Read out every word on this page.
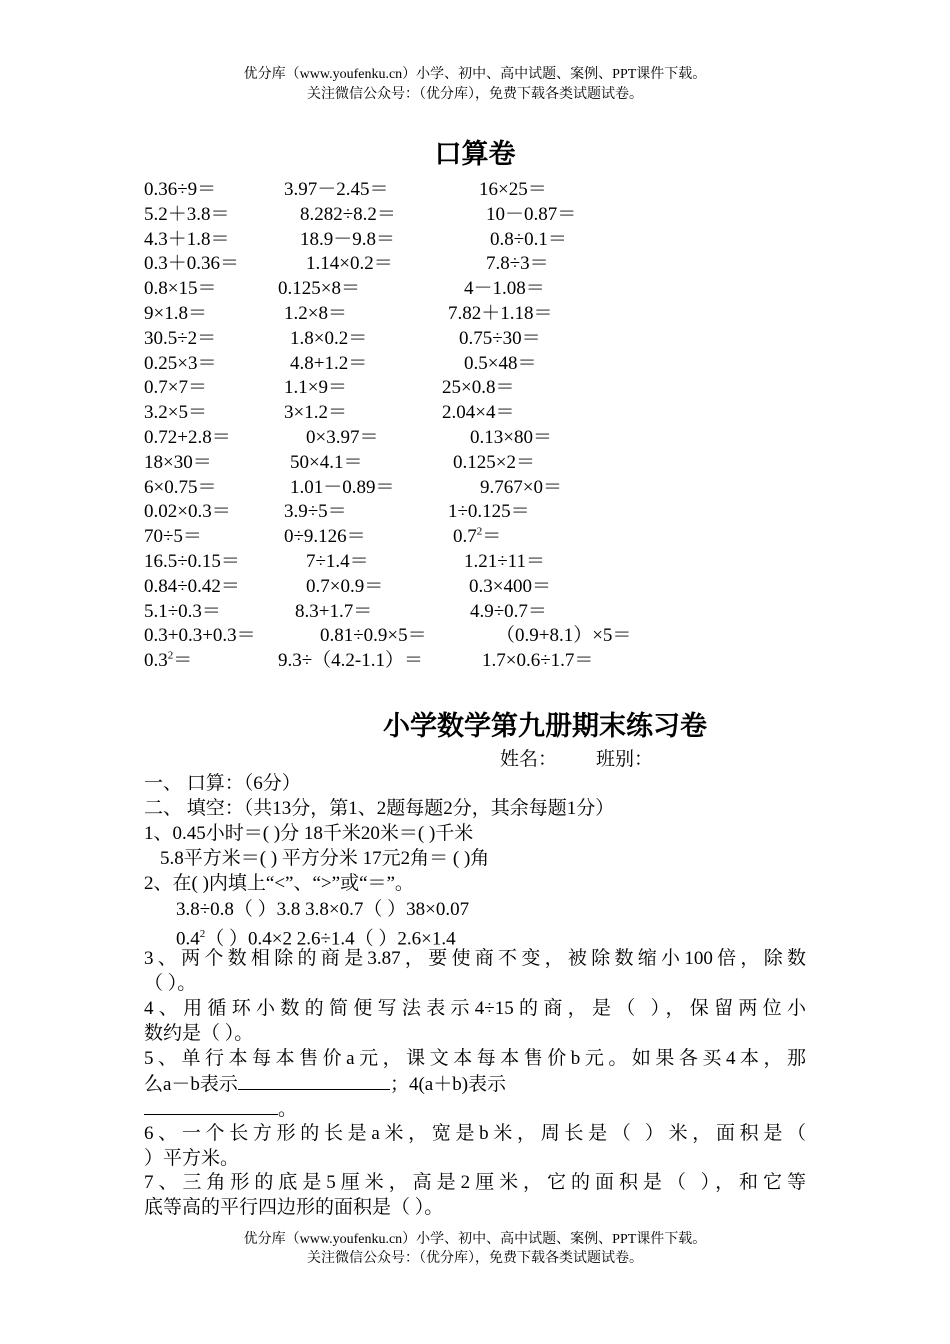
优分库（www.youfenku.cn）小学、初中、高中试题、案例、PPT课件下载。
关注微信公众号：（优分库），免费下载各类试题试卷。
口算卷
0.36÷9＝	3.97－2.45＝	16×25＝
5.2＋3.8＝	8.282÷8.2＝	10－0.87＝
4.3＋1.8＝	18.9－9.8＝	0.8÷0.1＝
0.3＋0.36＝	1.14×0.2＝	7.8÷3＝
0.8×15＝	0.125×8＝	4－1.08＝
9×1.8＝	1.2×8＝	7.82＋1.18＝
30.5÷2＝	1.8×0.2＝	0.75÷30＝
0.25×3＝	4.8+1.2＝	0.5×48＝
0.7×7＝	1.1×9＝	25×0.8＝
3.2×5＝	3×1.2＝	2.04×4＝
0.72+2.8＝	0×3.97＝	0.13×80＝
18×30＝	50×4.1＝	0.125×2＝
6×0.75＝	1.01－0.89＝	9.767×0＝
0.02×0.3＝	3.9÷5＝	1÷0.125＝
70÷5＝	0÷9.126＝	$0.7^2=$
16.5÷0.15＝	7÷1.4＝	1.21÷11＝
0.84÷0.42＝	0.7×0.9＝	0.3×400＝
5.1÷0.3＝	8.3+1.7＝	4.9÷0.7＝
0.3+0.3+0.3＝	0.81÷0.9×5＝	（0.9+8.1）×5＝
$0.3^2=$	9.3÷（4.2-1.1）＝	1.7×0.6÷1.7＝
小学数学第九册期末练习卷
姓名： 班别：
一、 口算：（6分）
二、 填空：（共13分，第1、2题每题2分，其余每题1分）
1、0.45小时＝( )分 18千米20米＝( )千米
5.8平方米＝( ) 平方分米 17元2角＝ ( )角
2、在( )内填上“<”、“>”或“＝”。
3.8÷0.8（ ）3.8 3.8×0.7（ ）38×0.07
$0.4^2$（ ）0.4×2 2.6÷1.4（ ）2.6×1.4
3、两个数相除的商是3.87，要使商不变，被除数缩小100倍，除数
（ ）。
4、用循环小数的简便写法表示4÷15的商，是（ ），保留两位小
数约是（ ）。
5、单行本每本售价a元，课文本每本售价b元。如果各买4本，那
么a－b表示	；4(a＋b)表示
。
6、一个长方形的长是a米，宽是b米，周长是（ ）米，面积是（
）平方米。
7、三角形的底是5厘米，高是2厘米，它的面积是（ ），和它等
底等高的平行四边形的面积是（ ）。
优分库（www.youfenku.cn）小学、初中、高中试题、案例、PPT课件下载。
关注微信公众号：（优分库），免费下载各类试题试卷。
